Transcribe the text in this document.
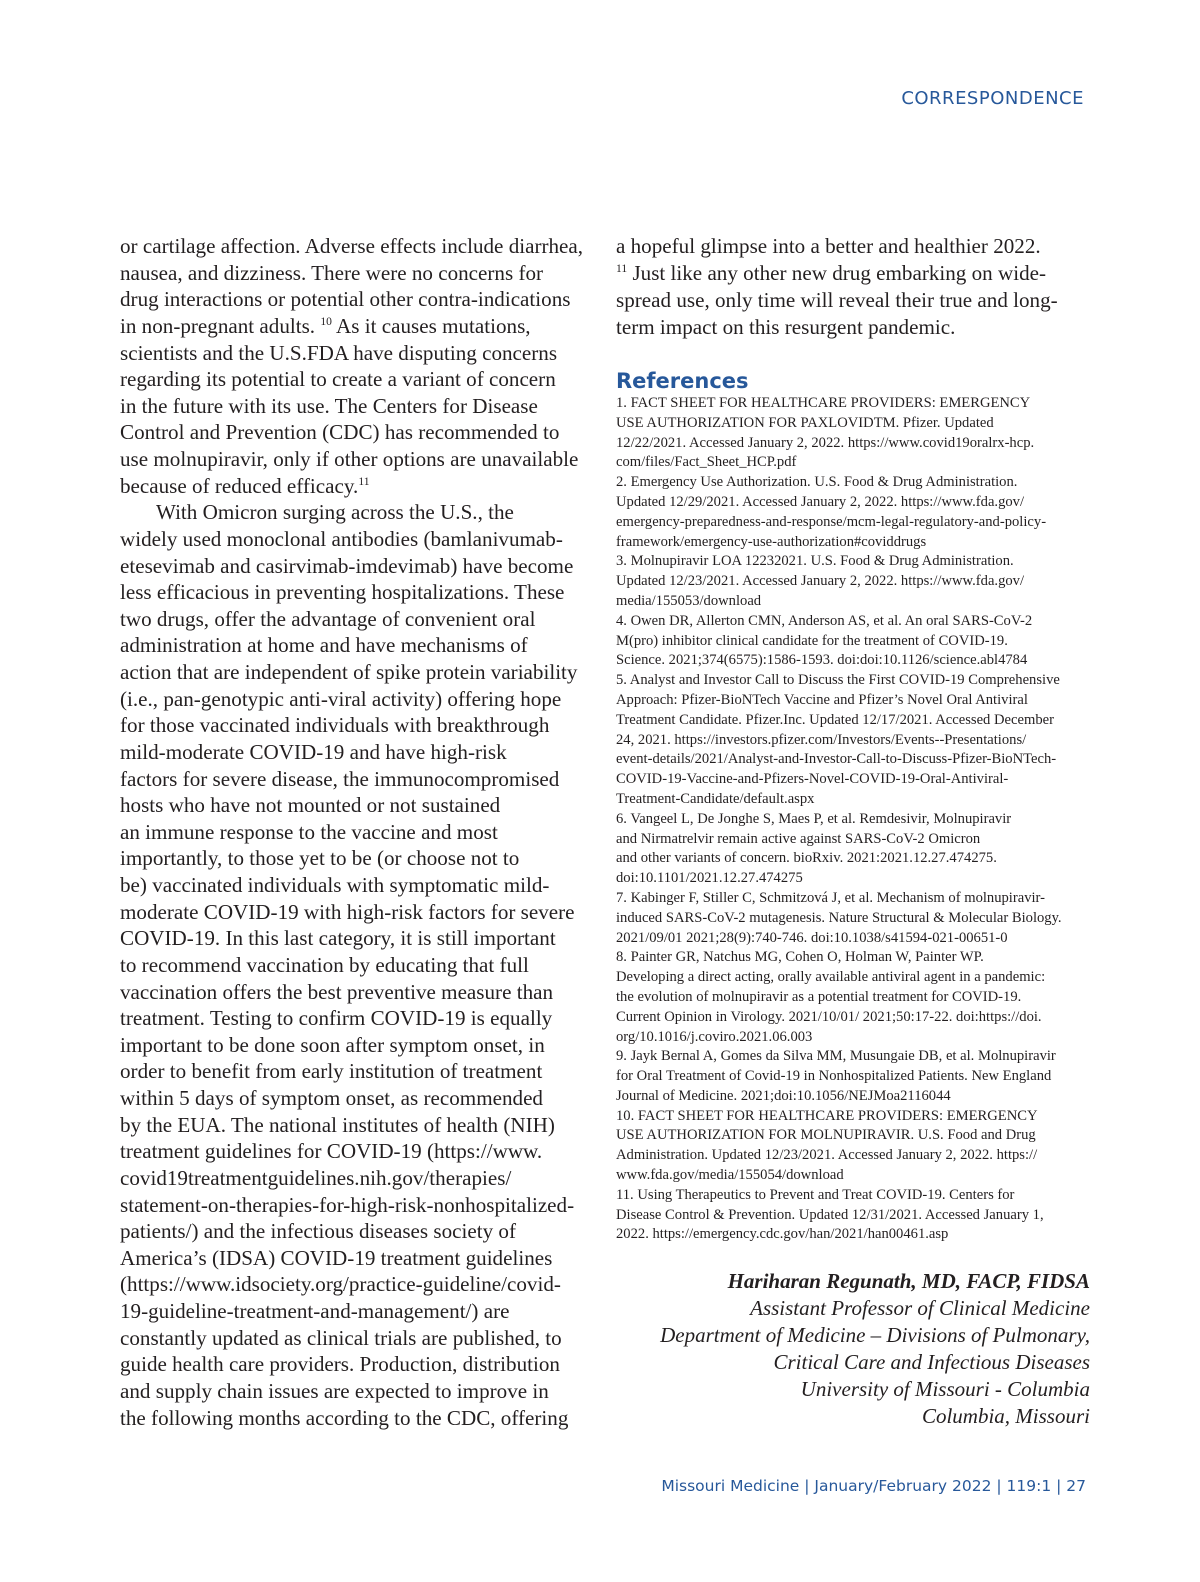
CORRESPONDENCE
or cartilage affection. Adverse effects include diarrhea,
nausea, and dizziness. There were no concerns for
drug interactions or potential other contra-indications
in non-pregnant adults. $^{10}$ As it causes mutations,
scientists and the U.S.FDA have disputing concerns
regarding its potential to create a variant of concern
in the future with its use. The Centers for Disease
Control and Prevention (CDC) has recommended to
use molnupiravir, only if other options are unavailable
because of reduced efficacy.$^{11}$
With Omicron surging across the U.S., the
widely used monoclonal antibodies (bamlanivumab-
etesevimab and casirvimab-imdevimab) have become
less efficacious in preventing hospitalizations. These
two drugs, offer the advantage of convenient oral
administration at home and have mechanisms of
action that are independent of spike protein variability
(i.e., pan-genotypic anti-viral activity) offering hope
for those vaccinated individuals with breakthrough
mild-moderate COVID-19 and have high-risk
factors for severe disease, the immunocompromised
hosts who have not mounted or not sustained
an immune response to the vaccine and most
importantly, to those yet to be (or choose not to
be) vaccinated individuals with symptomatic mild-
moderate COVID-19 with high-risk factors for severe
COVID-19. In this last category, it is still important
to recommend vaccination by educating that full
vaccination offers the best preventive measure than
treatment. Testing to confirm COVID-19 is equally
important to be done soon after symptom onset, in
order to benefit from early institution of treatment
within 5 days of symptom onset, as recommended
by the EUA. The national institutes of health (NIH)
treatment guidelines for COVID-19 (https://www.
covid19treatmentguidelines.nih.gov/therapies/
statement-on-therapies-for-high-risk-nonhospitalized-
patients/) and the infectious diseases society of
America’s (IDSA) COVID-19 treatment guidelines
(https://www.idsociety.org/practice-guideline/covid-
19-guideline-treatment-and-management/) are
constantly updated as clinical trials are published, to
guide health care providers. Production, distribution
and supply chain issues are expected to improve in
the following months according to the CDC, offering
a hopeful glimpse into a better and healthier 2022.
$^{11}$ Just like any other new drug embarking on wide-
spread use, only time will reveal their true and long-
term impact on this resurgent pandemic.
References
1. FACT SHEET FOR HEALTHCARE PROVIDERS: EMERGENCY
USE AUTHORIZATION FOR PAXLOVIDTM. Pfizer. Updated
12/22/2021. Accessed January 2, 2022. https://www.covid19oralrx-hcp.
com/files/Fact_Sheet_HCP.pdf
2. Emergency Use Authorization. U.S. Food & Drug Administration.
Updated 12/29/2021. Accessed January 2, 2022. https://www.fda.gov/
emergency-preparedness-and-response/mcm-legal-regulatory-and-policy-
framework/emergency-use-authorization#coviddrugs
3. Molnupiravir LOA 12232021. U.S. Food & Drug Administration.
Updated 12/23/2021. Accessed January 2, 2022. https://www.fda.gov/
media/155053/download
4. Owen DR, Allerton CMN, Anderson AS, et al. An oral SARS-CoV-2
M(pro) inhibitor clinical candidate for the treatment of COVID-19.
Science. 2021;374(6575):1586-1593. doi:doi:10.1126/science.abl4784
5. Analyst and Investor Call to Discuss the First COVID-19 Comprehensive
Approach: Pfizer-BioNTech Vaccine and Pfizer’s Novel Oral Antiviral
Treatment Candidate. Pfizer.Inc. Updated 12/17/2021. Accessed December
24, 2021. https://investors.pfizer.com/Investors/Events--Presentations/
event-details/2021/Analyst-and-Investor-Call-to-Discuss-Pfizer-BioNTech-
COVID-19-Vaccine-and-Pfizers-Novel-COVID-19-Oral-Antiviral-
Treatment-Candidate/default.aspx
6. Vangeel L, De Jonghe S, Maes P, et al. Remdesivir, Molnupiravir
and Nirmatrelvir remain active against SARS-CoV-2 Omicron
and other variants of concern. bioRxiv. 2021:2021.12.27.474275.
doi:10.1101/2021.12.27.474275
7. Kabinger F, Stiller C, Schmitzová J, et al. Mechanism of molnupiravir-
induced SARS-CoV-2 mutagenesis. Nature Structural & Molecular Biology.
2021/09/01 2021;28(9):740-746. doi:10.1038/s41594-021-00651-0
8. Painter GR, Natchus MG, Cohen O, Holman W, Painter WP.
Developing a direct acting, orally available antiviral agent in a pandemic:
the evolution of molnupiravir as a potential treatment for COVID-19.
Current Opinion in Virology. 2021/10/01/ 2021;50:17-22. doi:https://doi.
org/10.1016/j.coviro.2021.06.003
9. Jayk Bernal A, Gomes da Silva MM, Musungaie DB, et al. Molnupiravir
for Oral Treatment of Covid-19 in Nonhospitalized Patients. New England
Journal of Medicine. 2021;doi:10.1056/NEJMoa2116044
10. FACT SHEET FOR HEALTHCARE PROVIDERS: EMERGENCY
USE AUTHORIZATION FOR MOLNUPIRAVIR. U.S. Food and Drug
Administration. Updated 12/23/2021. Accessed January 2, 2022. https://
www.fda.gov/media/155054/download
11. Using Therapeutics to Prevent and Treat COVID-19. Centers for
Disease Control & Prevention. Updated 12/31/2021. Accessed January 1,
2022. https://emergency.cdc.gov/han/2021/han00461.asp
Hariharan Regunath, MD, FACP, FIDSA
Assistant Professor of Clinical Medicine
Department of Medicine – Divisions of Pulmonary,
Critical Care and Infectious Diseases
University of Missouri - Columbia
Columbia, Missouri
Missouri Medicine | January/February 2022 | 119:1 | 27
